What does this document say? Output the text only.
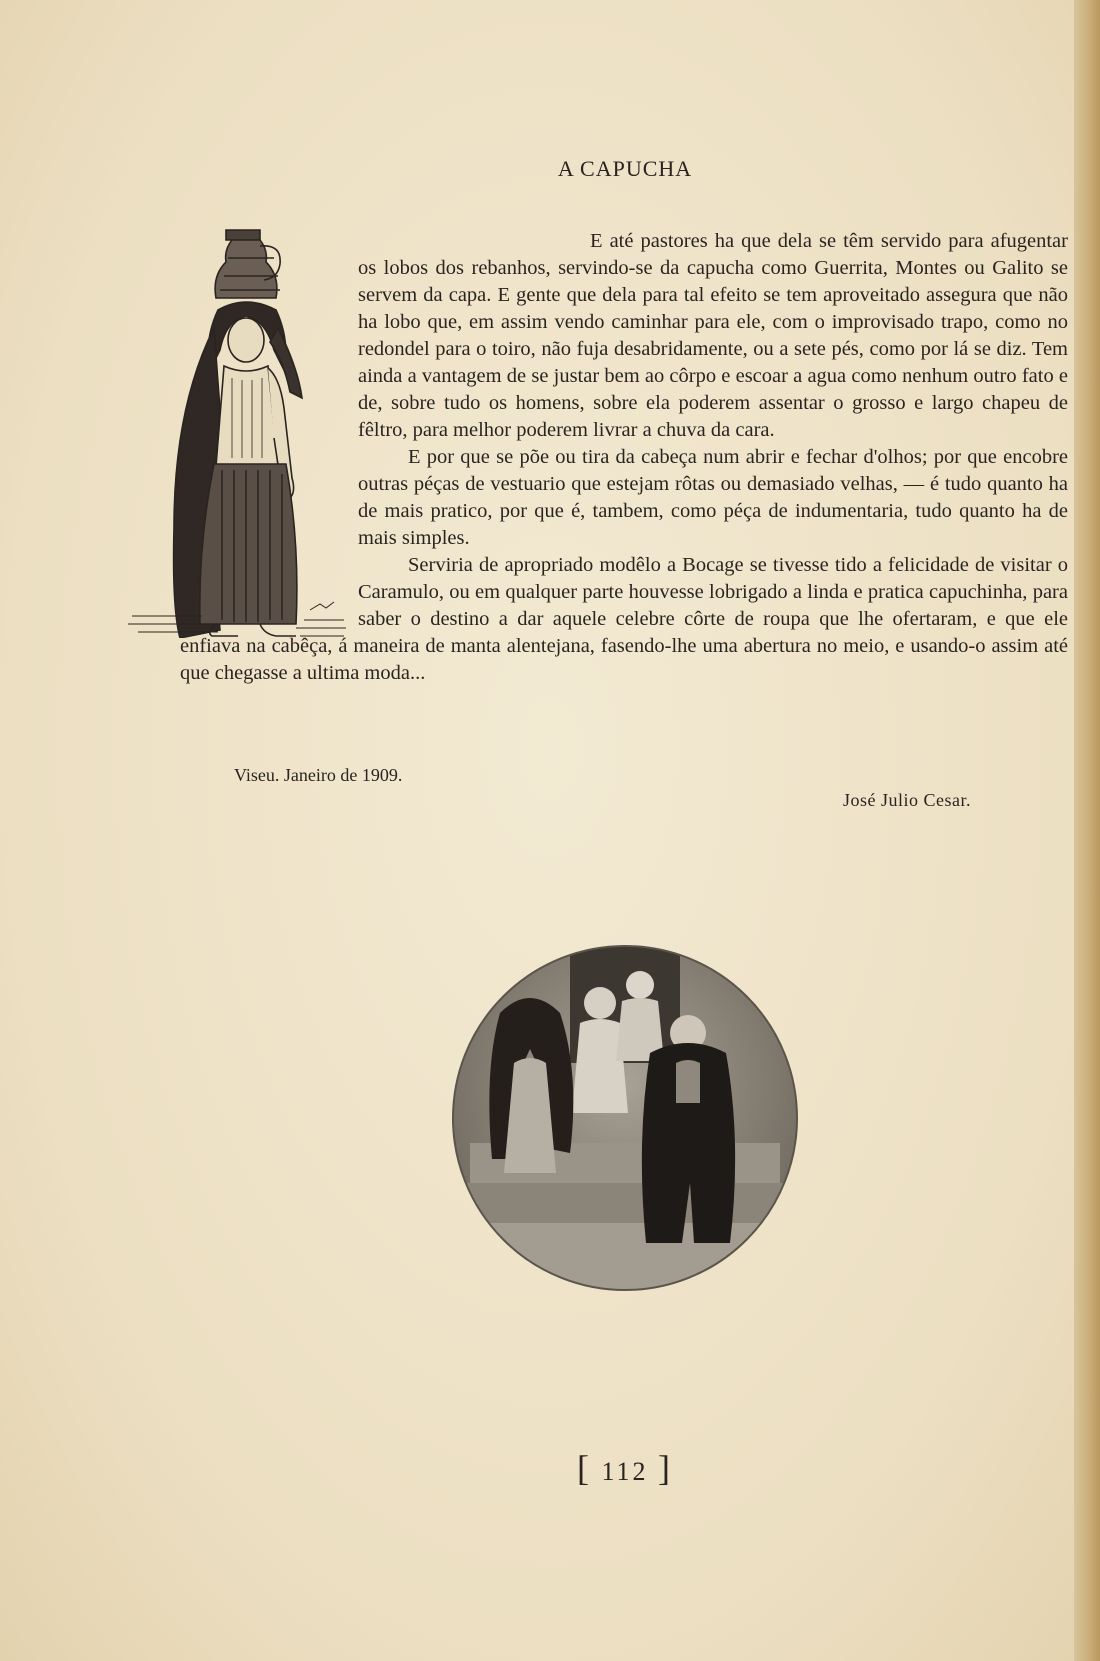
A CAPUCHA

E até pastores ha que dela se têm servido para afugentar os lobos dos rebanhos, servindo-se da capucha como Guerrita, Montes ou Galito se servem da capa. E gente que dela para tal efeito se tem aproveitado assegura que não ha lobo que, em assim vendo caminhar para ele, com o improvisado trapo, como no redondel para o toiro, não fuja desabridamente, ou a sete pés, como por lá se diz. Tem ainda a vantagem de se justar bem ao côrpo e escoar a agua como nenhum outro fato e de, sobre tudo os homens, sobre ela poderem assentar o grosso e largo chapeu de fêltro, para melhor poderem livrar a chuva da cara.

E por que se põe ou tira da cabeça num abrir e fechar d'olhos; por que encobre outras péças de vestuario que estejam rôtas ou demasiado velhas, — é tudo quanto ha de mais pratico, por que é, tambem, como péça de indumentaria, tudo quanto ha de mais simples.

Serviria de apropriado modêlo a Bocage se tivesse tido a felicidade de visitar o Caramulo, ou em qualquer parte houvesse lobrigado a linda e pratica capuchinha, para saber o destino a dar aquele celebre côrte de roupa que lhe ofertaram, e que ele enfiava na cabêça, á maneira de manta alentejana, fasendo-lhe uma abertura no meio, e usando-o assim até que chegasse a ultima moda...

Viseu. Janeiro de 1909.
José Julio Cesar.
[ 112 ]
